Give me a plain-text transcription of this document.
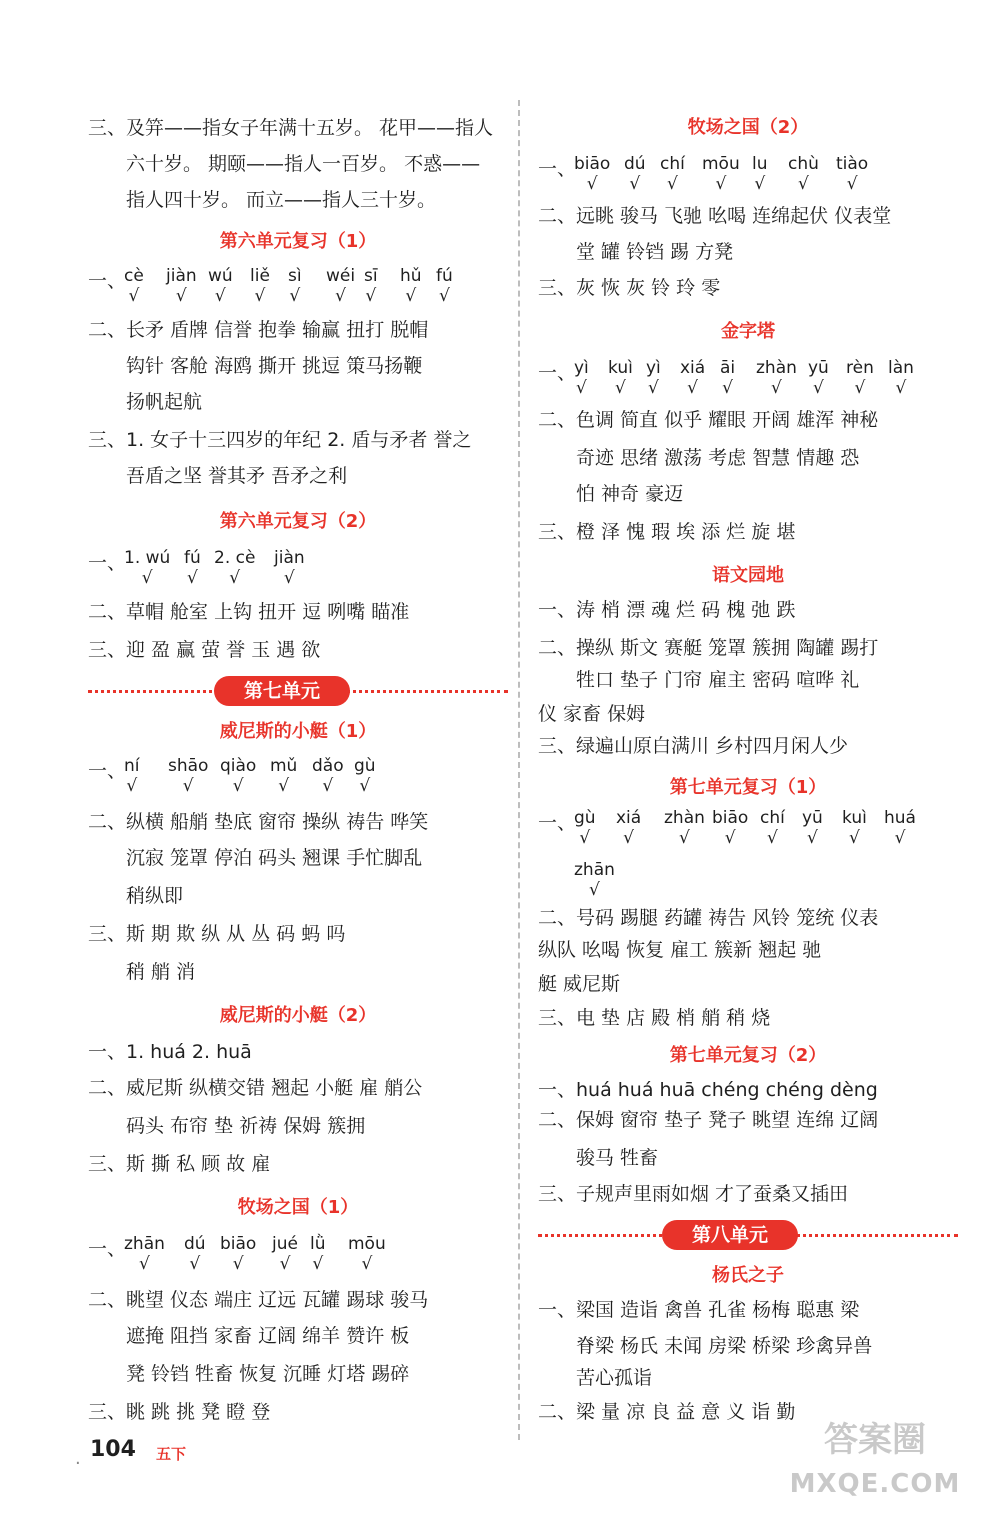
三、及笄——指女子年满十五岁。 花甲——指人
六十岁。 期颐——指人一百岁。 不惑——
指人四十岁。 而立——指人三十岁。
第六单元复习（1）
一、
cè
√
jiàn
√
wú
√
liě
√
sì
√
wéi
√
sī
√
hǔ
√
fú
√
二、长矛 盾牌 信誉 抱拳 输赢 扭打 脱帽
钩针 客舱 海鸥 撕开 挑逗 策马扬鞭
扬帆起航
三、1. 女子十三四岁的年纪 2. 盾与矛者 誉之
吾盾之坚 誉其矛 吾矛之利
第六单元复习（2）
一、
1. wú
√
fú
√
2. cè
√
jiàn
√
二、草帽 舱室 上钩 扭开 逗 咧嘴 瞄准
三、迎 盈 赢 萤 誉 玉 遇 欲
第七单元
威尼斯的小艇（1）
一、
ní
√
shāo
√
qiào
√
mǔ
√
dǎo
√
gù
√
二、纵横 船艄 垫底 窗帘 操纵 祷告 哗笑
沉寂 笼罩 停泊 码头 翘课 手忙脚乱
稍纵即
三、斯 期 欺 纵 从 丛 码 蚂 吗
稍 艄 消
威尼斯的小艇（2）
一、1. huá 2. huā
二、威尼斯 纵横交错 翘起 小艇 雇 艄公
码头 布帘 垫 祈祷 保姆 簇拥
三、斯 撕 私 顾 故 雇
牧场之国（1）
一、
zhān
√
dú
√
biāo
√
jué
√
lǜ
√
mōu
√
二、眺望 仪态 端庄 辽远 瓦罐 踢球 骏马
遮掩 阻挡 家畜 辽阔 绵羊 赞许 板
凳 铃铛 牲畜 恢复 沉睡 灯塔 踢碎
三、眺 跳 挑 凳 瞪 登
牧场之国（2）
一、
biāo
√
dú
√
chí
√
mōu
√
lu
√
chù
√
tiào
√
二、远眺 骏马 飞驰 吆喝 连绵起伏 仪表堂
堂 罐 铃铛 踢 方凳
三、灰 恢 灰 铃 玲 零
金字塔
一、
yì
√
kuì
√
yì
√
xiá
√
āi
√
zhàn
√
yū
√
rèn
√
làn
√
二、色调 简直 似乎 耀眼 开阔 雄浑 神秘
奇迹 思绪 激荡 考虑 智慧 情趣 恐
怕 神奇 豪迈
三、橙 泽 愧 瑕 埃 添 烂 旋 堪
语文园地
一、涛 梢 漂 魂 烂 码 槐 弛 跌
二、操纵 斯文 赛艇 笼罩 簇拥 陶罐 踢打
牲口 垫子 门帘 雇主 密码 喧哗 礼
仪 家畜 保姆
三、绿遍山原白满川 乡村四月闲人少
第七单元复习（1）
一、
gù
√
xiá
√
zhàn
√
biāo
√
chí
√
yū
√
kuì
√
huá
√
zhān
√
二、号码 踢腿 药罐 祷告 风铃 笼统 仪表
纵队 吆喝 恢复 雇工 簇新 翘起 驰
艇 威尼斯
三、电 垫 店 殿 梢 艄 稍 烧
第七单元复习（2）
一、huá huá huā chéng chéng dèng
二、保姆 窗帘 垫子 凳子 眺望 连绵 辽阔
骏马 牲畜
三、子规声里雨如烟 才了蚕桑又插田
第八单元
杨氏之子
一、梁国 造诣 禽兽 孔雀 杨梅 聪惠 梁
脊梁 杨氏 未闻 房梁 桥梁 珍禽异兽
苦心孤诣
二、梁 量 凉 良 益 意 义 诣 勤
. 104 五下	答案圈
MXQE.COM
